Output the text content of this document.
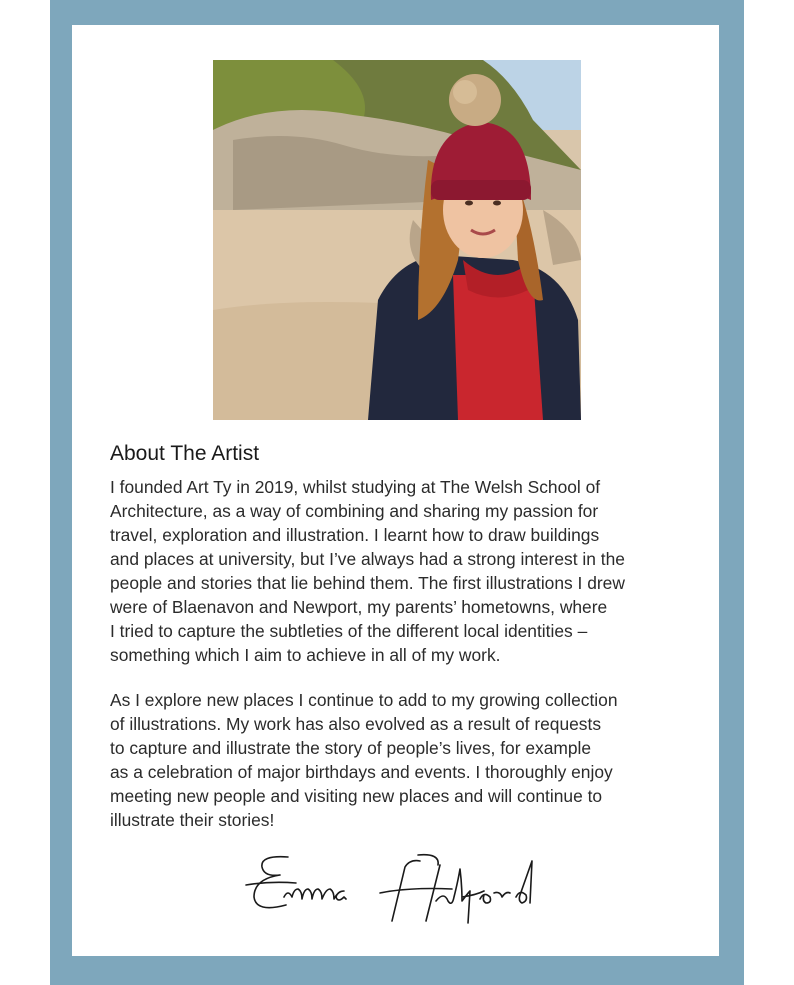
About The Artist

I founded Art Ty in 2019, whilst studying at The Welsh School of
Architecture, as a way of combining and sharing my passion for
travel, exploration and illustration. I learnt how to draw buildings
and places at university, but I’ve always had a strong interest in the
people and stories that lie behind them. The first illustrations I drew
were of Blaenavon and Newport, my parents’ hometowns, where
I tried to capture the subtleties of the different local identities –
something which I aim to achieve in all of my work.

As I explore new places I continue to add to my growing collection
of illustrations. My work has also evolved as a result of requests
to capture and illustrate the story of people’s lives, for example
as a celebration of major birthdays and events. I thoroughly enjoy
meeting new people and visiting new places and will continue to
illustrate their stories!
